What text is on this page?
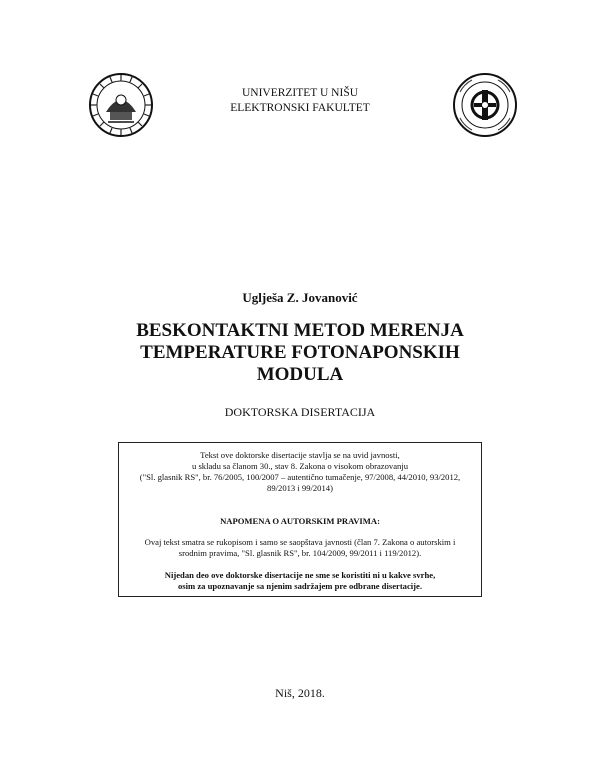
UNIVERZITET U NIŠU
ELEKTRONSKI FAKULTET
Uglješa Z. Jovanović
BESKONTAKTNI METOD MERENJA
TEMPERATURE FOTONAPONSKIH
MODULA
DOKTORSKA DISERTACIJA
Tekst ove doktorske disertacije stavlja se na uvid javnosti,
u skladu sa članom 30., stav 8. Zakona o visokom obrazovanju
("Sl. glasnik RS", br. 76/2005, 100/2007 – autentično tumačenje, 97/2008, 44/2010, 93/2012,
89/2013 i 99/2014)
NAPOMENA O AUTORSKIM PRAVIMA:
Ovaj tekst smatra se rukopisom i samo se saopštava javnosti (član 7. Zakona o autorskim i
srodnim pravima, "Sl. glasnik RS", br. 104/2009, 99/2011 i 119/2012).
Nijedan deo ove doktorske disertacije ne sme se koristiti ni u kakve svrhe,
osim za upoznavanje sa njenim sadržajem pre odbrane disertacije.
Niš, 2018.
